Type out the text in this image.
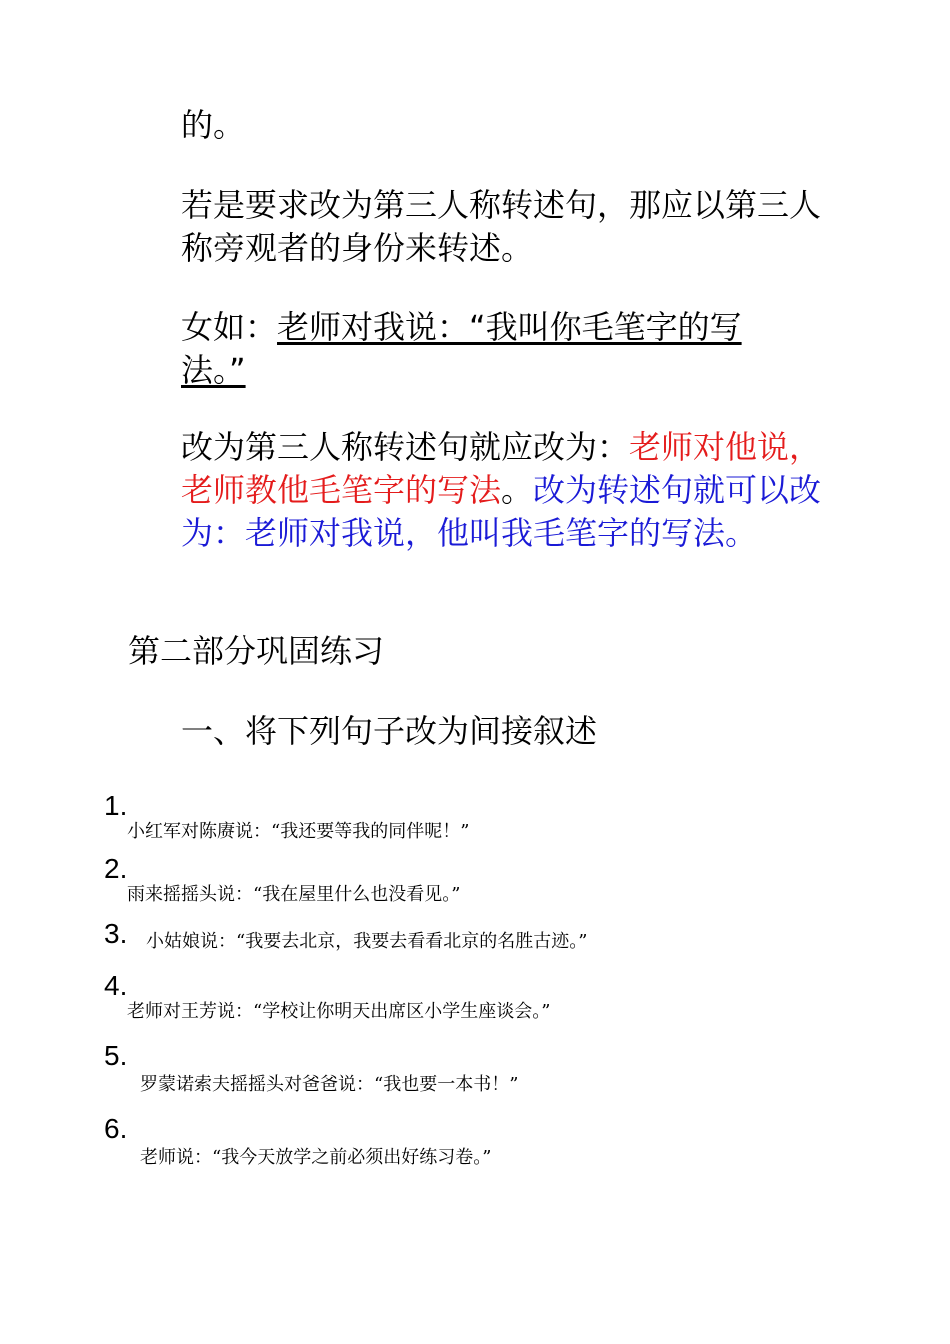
的。
若是要求改为第三人称转述句，那应以第三人称旁观者的身份来转述。
女如：老师对我说：“我叫你毛笔字的写法。”
改为第三人称转述句就应改为：老师对他说，老师教他毛笔字的写法。改为转述句就可以改为：老师对我说，他叫我毛笔字的写法。
第二部分巩固练习
一、将下列句子改为间接叙述
1.
小红军对陈赓说：“我还要等我的同伴呢！”
2.
雨来摇摇头说：“我在屋里什么也没看见。”
3. 小姑娘说：“我要去北京，我要去看看北京的名胜古迹。”
4.
老师对王芳说：“学校让你明天出席区小学生座谈会。”
5.
罗蒙诺索夫摇摇头对爸爸说：“我也要一本书！”
6.
老师说：“我今天放学之前必须出好练习卷。”
